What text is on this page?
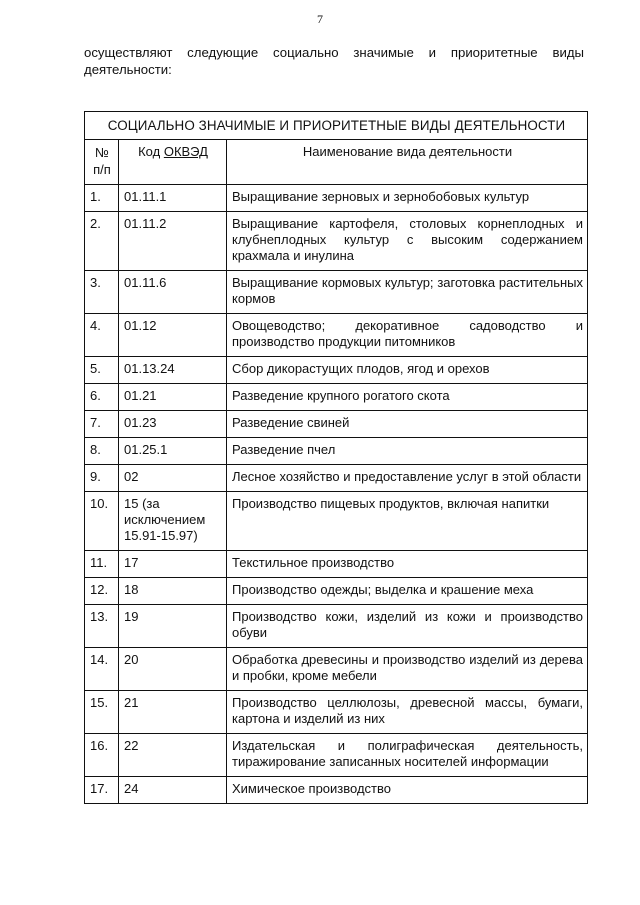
7
осуществляют следующие социально значимые и приоритетные виды деятельности:
СОЦИАЛЬНО ЗНАЧИМЫЕ И ПРИОРИТЕТНЫЕ ВИДЫ ДЕЯТЕЛЬНОСТИ		
№
п/п	Код ОКВЭД	Наименование вида деятельности
1.	01.11.1	Выращивание зерновых и зернобобовых культур
2.	01.11.2	Выращивание картофеля, столовых корнеплодных и клубнеплодных культур с высоким содержанием крахмала и инулина
3.	01.11.6	Выращивание кормовых культур; заготовка растительных кормов
4.	01.12	Овощеводство; декоративное садоводство и производство продукции питомников
5.	01.13.24	Сбор дикорастущих плодов, ягод и орехов
6.	01.21	Разведение крупного рогатого скота
7.	01.23	Разведение свиней
8.	01.25.1	Разведение пчел
9.	02	Лесное хозяйство и предоставление услуг в этой области
10.	15 (за исключением 15.91-15.97)	Производство пищевых продуктов, включая напитки
11.	17	Текстильное производство
12.	18	Производство одежды; выделка и крашение меха
13.	19	Производство кожи, изделий из кожи и производство обуви
14.	20	Обработка древесины и производство изделий из дерева и пробки, кроме мебели
15.	21	Производство целлюлозы, древесной массы, бумаги, картона и изделий из них
16.	22	Издательская и полиграфическая деятельность, тиражирование записанных носителей информации
17.	24	Химическое производство
